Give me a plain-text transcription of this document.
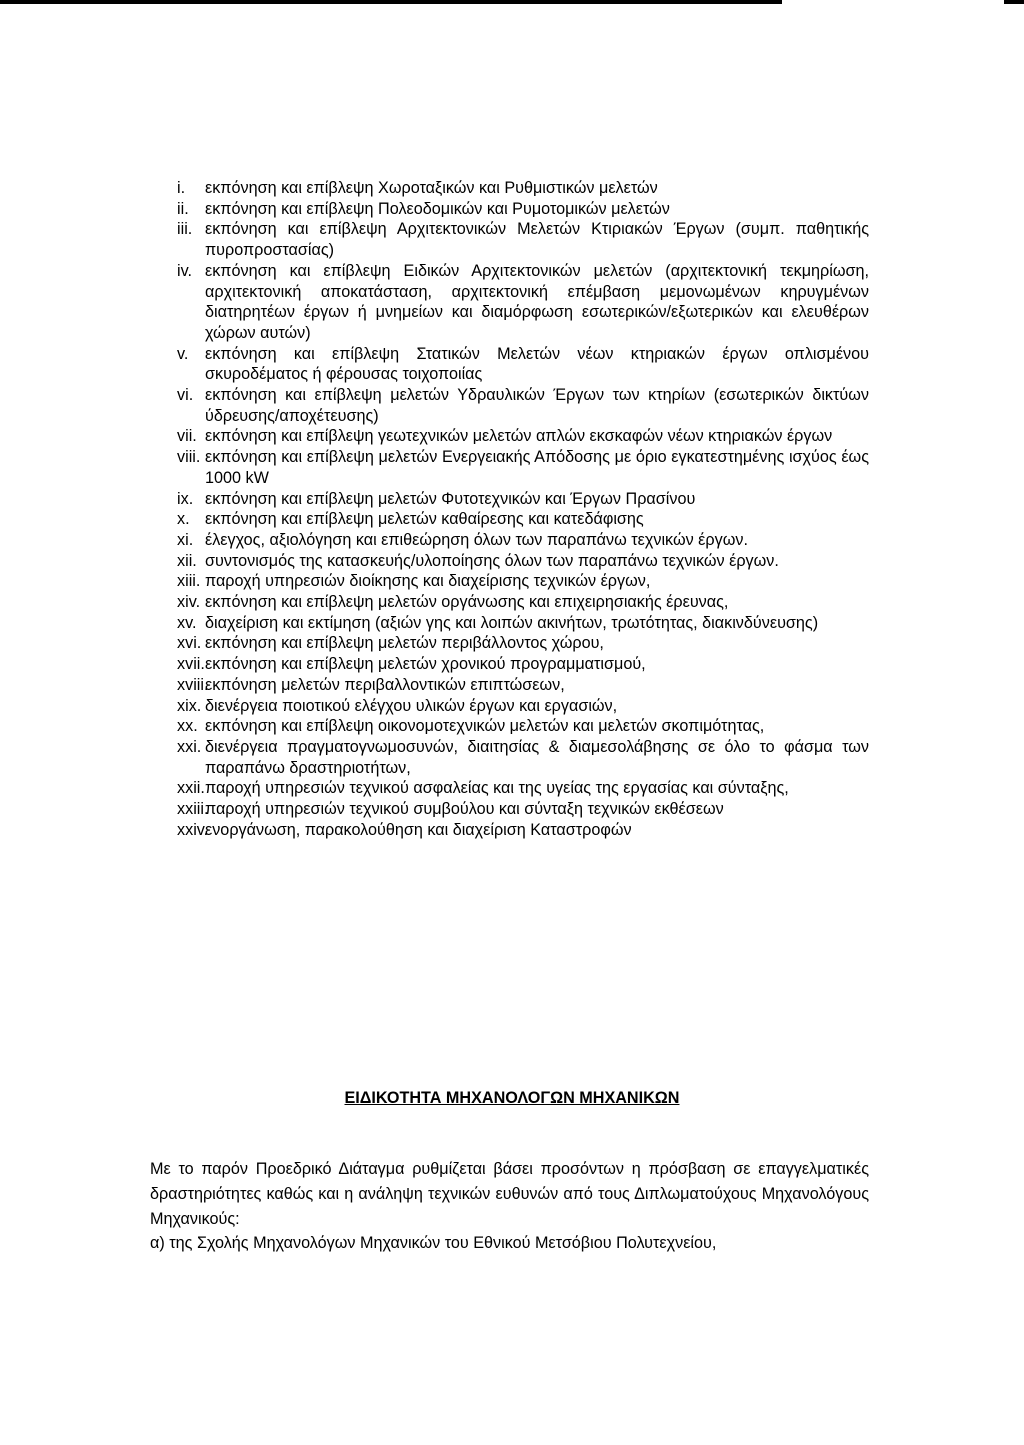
i.	εκπόνηση και επίβλεψη Χωροταξικών και Ρυθμιστικών μελετών
ii.	εκπόνηση και επίβλεψη Πολεοδομικών και Ρυμοτομικών μελετών
iii. εκπόνηση και επίβλεψη Αρχιτεκτονικών Μελετών Κτιριακών Έργων (συμπ. παθητικής πυροπροστασίας)
iv. εκπόνηση και επίβλεψη Ειδικών Αρχιτεκτονικών μελετών (αρχιτεκτονική τεκμηρίωση, αρχιτεκτονική αποκατάσταση, αρχιτεκτονική επέμβαση μεμονωμένων κηρυγμένων διατηρητέων έργων ή μνημείων και διαμόρφωση εσωτερικών/εξωτερικών και ελευθέρων χώρων αυτών)
v.	εκπόνηση και επίβλεψη Στατικών Μελετών νέων κτηριακών έργων οπλισμένου σκυροδέματος ή φέρουσας τοιχοποιίας
vi. εκπόνηση και επίβλεψη μελετών Υδραυλικών Έργων των κτηρίων (εσωτερικών δικτύων ύδρευσης/αποχέτευσης)
vii. εκπόνηση και επίβλεψη γεωτεχνικών μελετών απλών εκσκαφών νέων κτηριακών έργων
viii. εκπόνηση και επίβλεψη μελετών Ενεργειακής Απόδοσης με όριο εγκατεστημένης ισχύος έως 1000 kW
ix. εκπόνηση και επίβλεψη μελετών Φυτοτεχνικών και Έργων Πρασίνου
x. εκπόνηση και επίβλεψη μελετών καθαίρεσης και κατεδάφισης
xi. έλεγχος, αξιολόγηση και επιθεώρηση όλων των παραπάνω τεχνικών έργων.
xii. συντονισμός της κατασκευής/υλοποίησης όλων των παραπάνω τεχνικών έργων.
xiii. παροχή υπηρεσιών διοίκησης και διαχείρισης τεχνικών έργων,
xiv. εκπόνηση και επίβλεψη μελετών οργάνωσης και επιχειρησιακής έρευνας,
xv. διαχείριση και εκτίμηση (αξιών γης και λοιπών ακινήτων, τρωτότητας, διακινδύνευσης)
xvi. εκπόνηση και επίβλεψη μελετών περιβάλλοντος χώρου,
xvii. εκπόνηση και επίβλεψη μελετών χρονικού προγραμματισμού,
xviii.
εκπόνηση μελετών περιβαλλοντικών επιπτώσεων,
xix. διενέργεια ποιοτικού ελέγχου υλικών έργων και εργασιών,
xx. εκπόνηση και επίβλεψη οικονομοτεχνικών μελετών και μελετών σκοπιμότητας,
xxi. διενέργεια πραγματογνωμοσυνών, διαιτησίας & διαμεσολάβησης σε όλο το φάσμα των παραπάνω δραστηριοτήτων,
xxii. παροχή υπηρεσιών τεχνικού ασφαλείας και της υγείας της εργασίας και σύνταξης,
xxiii.
παροχή υπηρεσιών τεχνικού συμβούλου και σύνταξη τεχνικών εκθέσεων
xxiv.
ενοργάνωση, παρακολούθηση και διαχείριση Καταστροφών
ΕΙΔΙΚΟΤΗΤΑ ΜΗΧΑΝΟΛΟΓΩΝ ΜΗΧΑΝΙΚΩΝ

Με το παρόν Προεδρικό Διάταγμα ρυθμίζεται βάσει προσόντων η πρόσβαση σε επαγγελματικές δραστηριότητες καθώς και η ανάληψη τεχνικών ευθυνών από τους Διπλωματούχους Μηχανολόγους Μηχανικούς:

α) της Σχολής Μηχανολόγων Μηχανικών του Εθνικού Μετσόβιου Πολυτεχνείου,
